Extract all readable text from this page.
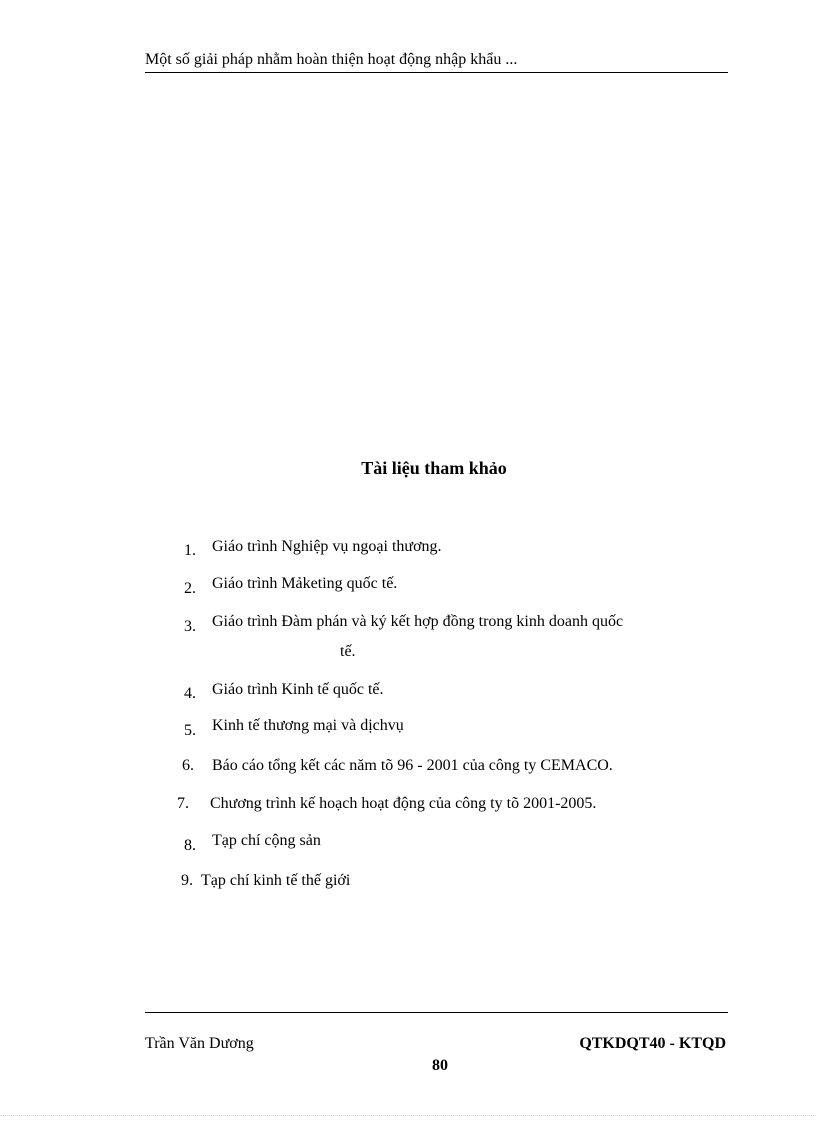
Một số giải pháp nhằm hoàn thiện hoạt động nhập khẩu ...
Tài liệu tham khảo
1. Giáo trình Nghiệp vụ ngoại thương.
2. Giáo trình Mảketing quốc tế.
3. Giáo trình Đàm phán và ký kết hợp đồng trong kinh doanh quốc
tế.
4. Giáo trình Kinh tế quốc tế.
5. Kinh tế thương mại và dịchvụ
6. Báo cáo tổng kết các năm tõ 96 - 2001 của công ty CEMACO.
7. Chương trình kế hoạch hoạt động của công ty tõ 2001-2005.
8. Tạp chí cộng sản
9. Tạp chí kinh tế thế giới
Trần Văn Dương	QTKDQT40 - KTQD
80
